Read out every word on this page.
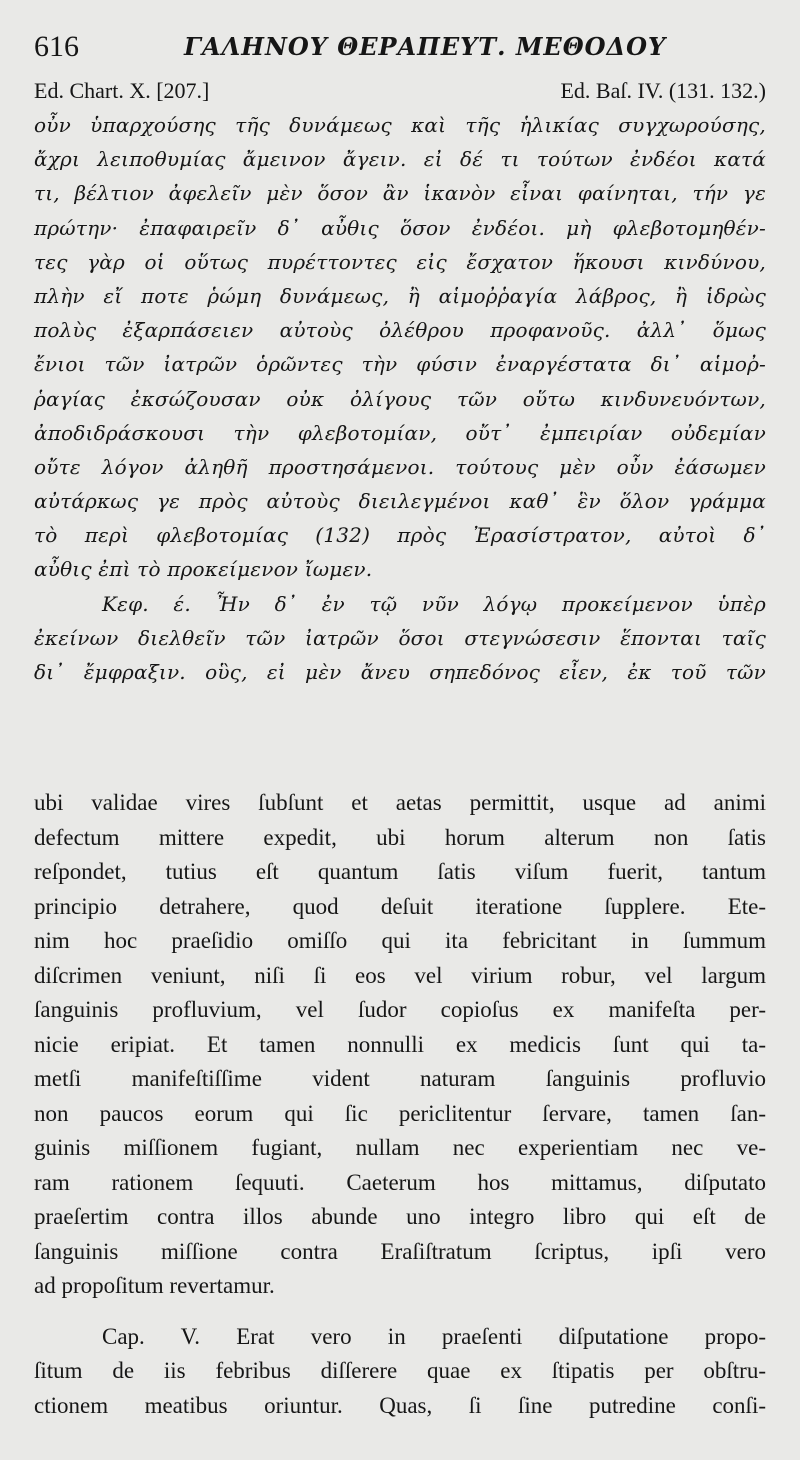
616	ΓΑΛΗΝΟΥ ΘΕΡΑΠΕΥΤ. ΜΕΘΟΔΟΥ
Ed. Chart. X. [207.]	Ed. Baſ. IV. (131. 132.)
οὖν ὑπαρχούσης τῆς δυνάμεως καὶ τῆς ἡλικίας συγχωρούσης,
ἄχρι λειποθυμίας ἄμεινον ἄγειν. εἰ δέ τι τούτων ἐνδέοι κατά
τι, βέλτιον ἀφελεῖν μὲν ὅσον ἂν ἱκανὸν εἶναι φαίνηται, τήν γε
πρώτην· ἐπαφαιρεῖν δ᾽ αὖθις ὅσον ἐνδέοι. μὴ φλεβοτομηθέν-
τες γὰρ οἱ οὕτως πυρέττοντες εἰς ἔσχατον ἥκουσι κινδύνου,
πλὴν εἴ ποτε ῥώμη δυνάμεως, ἢ αἱμοῤῥαγία λάβρος, ἢ ἱδρὼς
πολὺς ἐξαρπάσειεν αὐτοὺς ὀλέθρου προφανοῦς. ἀλλ᾽ ὅμως
ἔνιοι τῶν ἰατρῶν ὁρῶντες τὴν φύσιν ἐναργέστατα δι᾽ αἱμοῤ-
ῥαγίας ἐκσώζουσαν οὐκ ὀλίγους τῶν οὕτω κινδυνευόντων,
ἀποδιδράσκουσι τὴν φλεβοτομίαν, οὔτ᾽ ἐμπειρίαν οὐδεμίαν
οὔτε λόγον ἀληθῆ προστησάμενοι. τούτους μὲν οὖν ἐάσωμεν
αὐτάρκως γε πρὸς αὐτοὺς διειλεγμένοι καθ᾽ ἓν ὅλον γράμμα
τὸ περὶ φλεβοτομίας (132) πρὸς Ἐρασίστρατον, αὐτοὶ δ᾽
αὖθις ἐπὶ τὸ προκείμενον ἴωμεν.
Κεφ. έ. Ἦν δ᾽ ἐν τῷ νῦν λόγῳ προκείμενον ὑπὲρ
ἐκείνων διελθεῖν τῶν ἰατρῶν ὅσοι στεγνώσεσιν ἕπονται ταῖς
δι᾽ ἔμφραξιν. οὓς, εἰ μὲν ἄνευ σηπεδόνος εἶεν, ἐκ τοῦ τῶν
ubi validae vires ſubſunt et aetas permittit, usque ad animi
defectum mittere expedit, ubi horum alterum non ſatis
reſpondet, tutius eſt quantum ſatis viſum fuerit, tantum
principio detrahere, quod deſuit iteratione ſupplere. Ete-
nim hoc praeſidio omiſſo qui ita febricitant in ſummum
diſcrimen veniunt, niſi ſi eos vel virium robur, vel largum
ſanguinis profluvium, vel ſudor copioſus ex manifeſta per-
nicie eripiat. Et tamen nonnulli ex medicis ſunt qui ta-
metſi manifeſtiſſime vident naturam ſanguinis profluvio
non paucos eorum qui ſic periclitentur ſervare, tamen ſan-
guinis miſſionem fugiant, nullam nec experientiam nec ve-
ram rationem ſequuti. Caeterum hos mittamus, diſputato
praeſertim contra illos abunde uno integro libro qui eſt de
ſanguinis miſſione contra Eraſiſtratum ſcriptus, ipſi vero
ad propoſitum revertamur.
Cap. V. Erat vero in praeſenti diſputatione propo-
ſitum de iis febribus diſſerere quae ex ſtipatis per obſtru-
ctionem meatibus oriuntur. Quas, ſi ſine putredine conſi-
